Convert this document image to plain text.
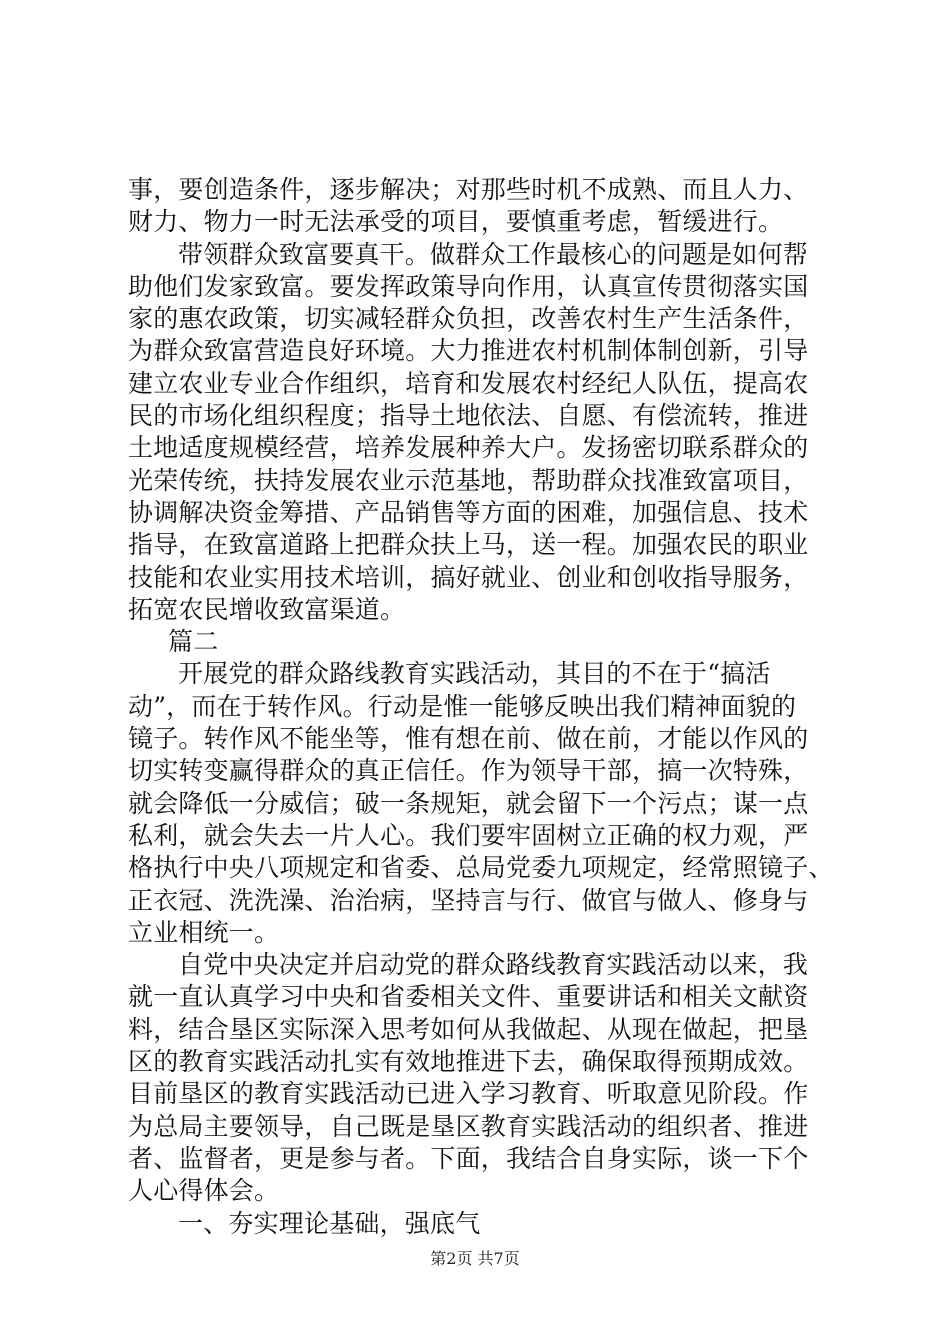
事，要创造条件，逐步解决；对那些时机不成熟、而且人力、
财力、物力一时无法承受的项目，要慎重考虑，暂缓进行。
带领群众致富要真干。做群众工作最核心的问题是如何帮
助他们发家致富。要发挥政策导向作用，认真宣传贯彻落实国
家的惠农政策，切实减轻群众负担，改善农村生产生活条件，
为群众致富营造良好环境。大力推进农村机制体制创新，引导
建立农业专业合作组织，培育和发展农村经纪人队伍，提高农
民的市场化组织程度；指导土地依法、自愿、有偿流转，推进
土地适度规模经营，培养发展种养大户。发扬密切联系群众的
光荣传统，扶持发展农业示范基地，帮助群众找准致富项目，
协调解决资金筹措、产品销售等方面的困难，加强信息、技术
指导，在致富道路上把群众扶上马，送一程。加强农民的职业
技能和农业实用技术培训，搞好就业、创业和创收指导服务，
拓宽农民增收致富渠道。
篇二
开展党的群众路线教育实践活动，其目的不在于“搞活
动”，而在于转作风。行动是惟一能够反映出我们精神面貌的
镜子。转作风不能坐等，惟有想在前、做在前，才能以作风的
切实转变赢得群众的真正信任。作为领导干部，搞一次特殊，
就会降低一分威信；破一条规矩，就会留下一个污点；谋一点
私利，就会失去一片人心。我们要牢固树立正确的权力观，严
格执行中央八项规定和省委、总局党委九项规定，经常照镜子、
正衣冠、洗洗澡、治治病，坚持言与行、做官与做人、修身与
立业相统一。
自党中央决定并启动党的群众路线教育实践活动以来，我
就一直认真学习中央和省委相关文件、重要讲话和相关文献资
料，结合垦区实际深入思考如何从我做起、从现在做起，把垦
区的教育实践活动扎实有效地推进下去，确保取得预期成效。
目前垦区的教育实践活动已进入学习教育、听取意见阶段。作
为总局主要领导，自己既是垦区教育实践活动的组织者、推进
者、监督者，更是参与者。下面，我结合自身实际，谈一下个
人心得体会。
一、夯实理论基础，强底气
第2页 共7页
